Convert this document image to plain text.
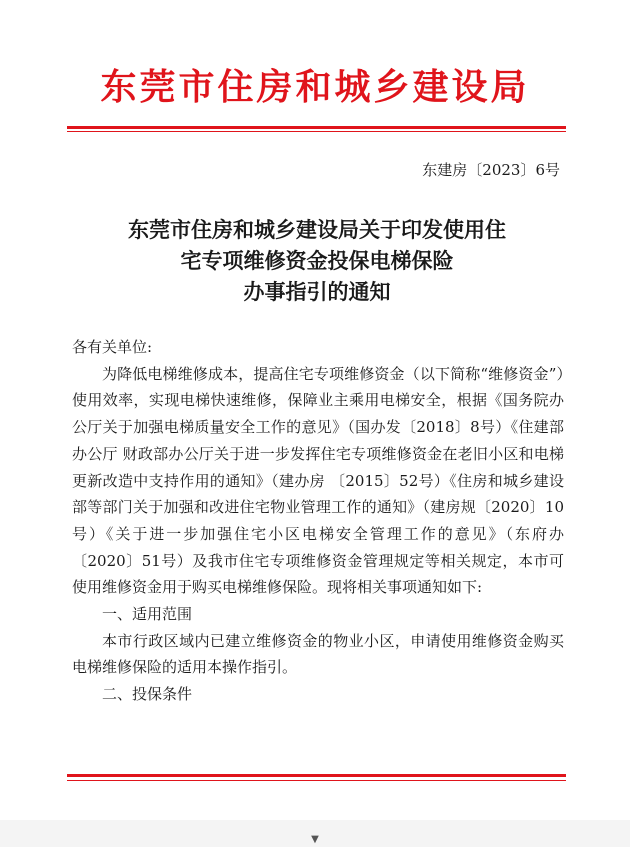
东莞市住房和城乡建设局
东建房〔2023〕6号
东莞市住房和城乡建设局关于印发使用住
宅专项维修资金投保电梯保险
办事指引的通知

各有关单位:

为降低电梯维修成本，提高住宅专项维修资金（以下简称“维修资金”）使用效率，实现电梯快速维修，保障业主乘用电梯安全，根据《国务院办公厅关于加强电梯质量安全工作的意见》（国办发〔2018〕8号）《住建部办公厅 财政部办公厅关于进一步发挥住宅专项维修资金在老旧小区和电梯更新改造中支持作用的通知》（建办房 〔2015〕52号）《住房和城乡建设部等部门关于加强和改进住宅物业管理工作的通知》（建房规〔2020〕10号）《关于进一步加强住宅小区电梯安全管理工作的意见》（东府办〔2020〕51号）及我市住宅专项维修资金管理规定等相关规定，本市可使用维修资金用于购买电梯维修保险。现将相关事项通知如下:

一、适用范围

本市行政区域内已建立维修资金的物业小区，申请使用维修资金购买电梯维修保险的适用本操作指引。

二、投保条件

▼
